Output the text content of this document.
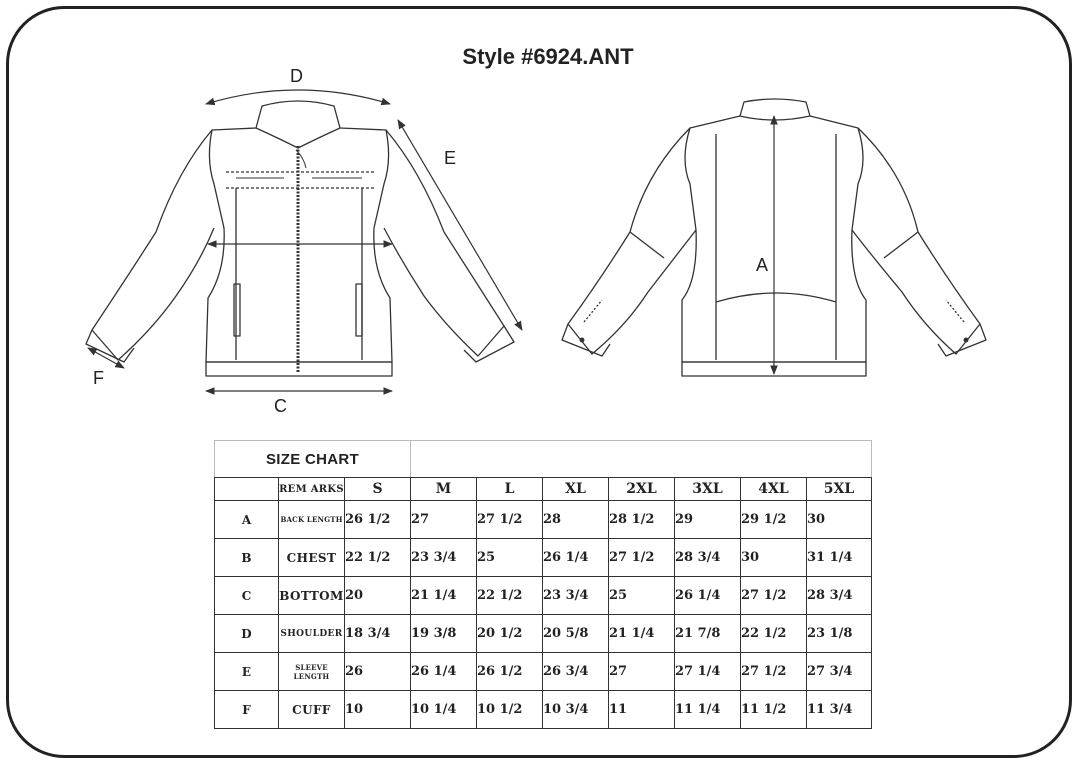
Style #6924.ANT
D
E
C
F
A
SIZE CHART									
	REM ARKS	S	M	L	XL	2XL	3XL	4XL	5XL
A	BACK LENGTH	26 1/2	27	27 1/2	28	28 1/2	29	29 1/2	30
B	CHEST	22 1/2	23 3/4	25	26 1/4	27 1/2	28 3/4	30	31 1/4
C	BOTTOM	20	21 1/4	22 1/2	23 3/4	25	26 1/4	27 1/2	28 3/4
D	SHOULDER	18 3/4	19 3/8	20 1/2	20 5/8	21 1/4	21 7/8	22 1/2	23 1/8
E	SLEEVE LENGTH	26	26 1/4	26 1/2	26 3/4	27	27 1/4	27 1/2	27 3/4
F	CUFF	10	10 1/4	10 1/2	10 3/4	11	11 1/4	11 1/2	11 3/4
